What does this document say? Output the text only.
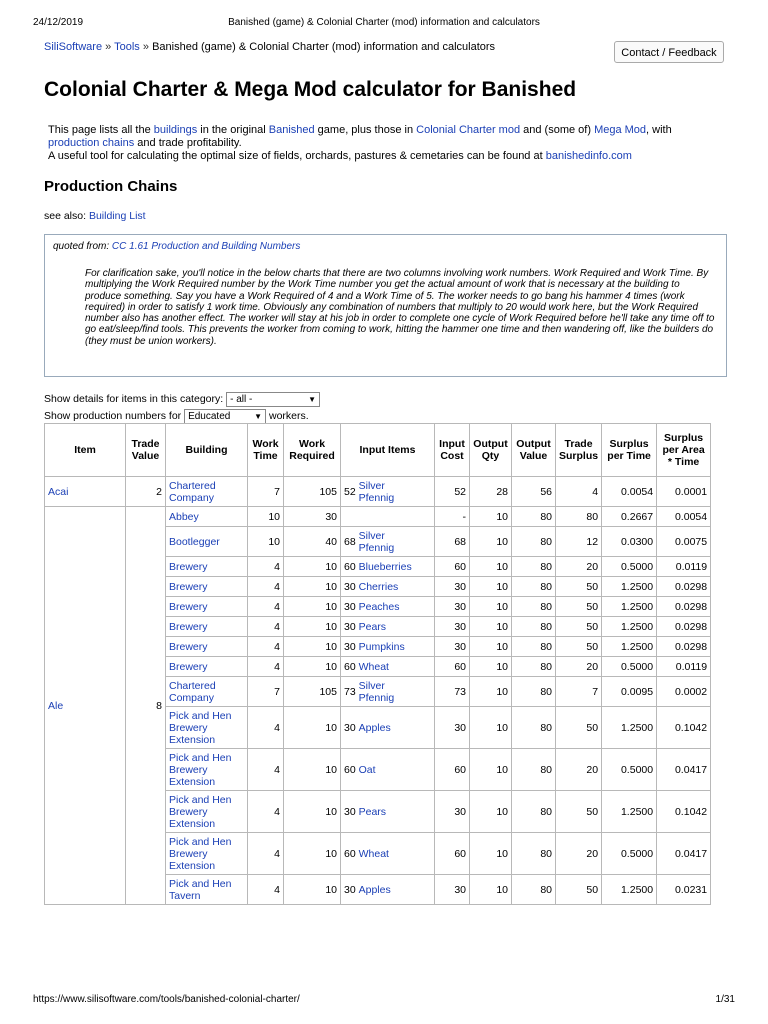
24/12/2019	Banished (game) & Colonial Charter (mod) information and calculators
SiliSoftware » Tools » Banished (game) & Colonial Charter (mod) information and calculators	Contact / Feedback
Colonial Charter & Mega Mod calculator for Banished
This page lists all the buildings in the original Banished game, plus those in Colonial Charter mod and (some of) Mega Mod, with
production chains and trade profitability.
A useful tool for calculating the optimal size of fields, orchards, pastures & cemetaries can be found at banishedinfo.com
Production Chains
see also: Building List
quoted from: CC 1.61 Production and Building Numbers
For clarification sake, you'll notice in the below charts that there are two columns involving work numbers. Work Required and Work Time. By multiplying the Work Required number by the Work Time number you get the actual amount of work that is necessary at the building to produce something. Say you have a Work Required of 4 and a Work Time of 5. The worker needs to go bang his hammer 4 times (work required) in order to satisfy 1 work time. Obviously any combination of numbers that multiply to 20 would work here, but the Work Required number also has another effect. The worker will stay at his job in order to complete one cycle of Work Required before he'll take any time off to go eat/sleep/find tools. This prevents the worker from coming to work, hitting the hammer one time and then wandering off, like the builders do (they must be union workers).
Show details for items in this category: - all -	▼
Show production numbers for Educated	▼ workers.
Item	Trade Value	Building	Work Time	Work Required	Input Items	Input Cost	Output Qty	Output Value	Trade Surplus	Surplus per Time	Surplus per Area * Time
Acai	2	Chartered Company	7	105	52 Silver Pfennig	52	28	56	4	0.0054	0.0001
Ale	8	Abbey	10	30		-	10	80	80	0.2667	0.0054
		Bootlegger	10	40	68 Silver Pfennig	68	10	80	12	0.0300	0.0075
		Brewery	4	10	60 Blueberries	60	10	80	20	0.5000	0.0119
		Brewery	4	10	30 Cherries	30	10	80	50	1.2500	0.0298
		Brewery	4	10	30 Peaches	30	10	80	50	1.2500	0.0298
		Brewery	4	10	30 Pears	30	10	80	50	1.2500	0.0298
		Brewery	4	10	30 Pumpkins	30	10	80	50	1.2500	0.0298
		Brewery	4	10	60 Wheat	60	10	80	20	0.5000	0.0119
		Chartered Company	7	105	73 Silver Pfennig	73	10	80	7	0.0095	0.0002
		Pick and Hen Brewery Extension	4	10	30 Apples	30	10	80	50	1.2500	0.1042
		Pick and Hen Brewery Extension	4	10	60 Oat	60	10	80	20	0.5000	0.0417
		Pick and Hen Brewery Extension	4	10	30 Pears	30	10	80	50	1.2500	0.1042
		Pick and Hen Brewery Extension	4	10	60 Wheat	60	10	80	20	0.5000	0.0417
		Pick and Hen Tavern	4	10	30 Apples	30	10	80	50	1.2500	0.0231
https://www.silisoftware.com/tools/banished-colonial-charter/	1/31
